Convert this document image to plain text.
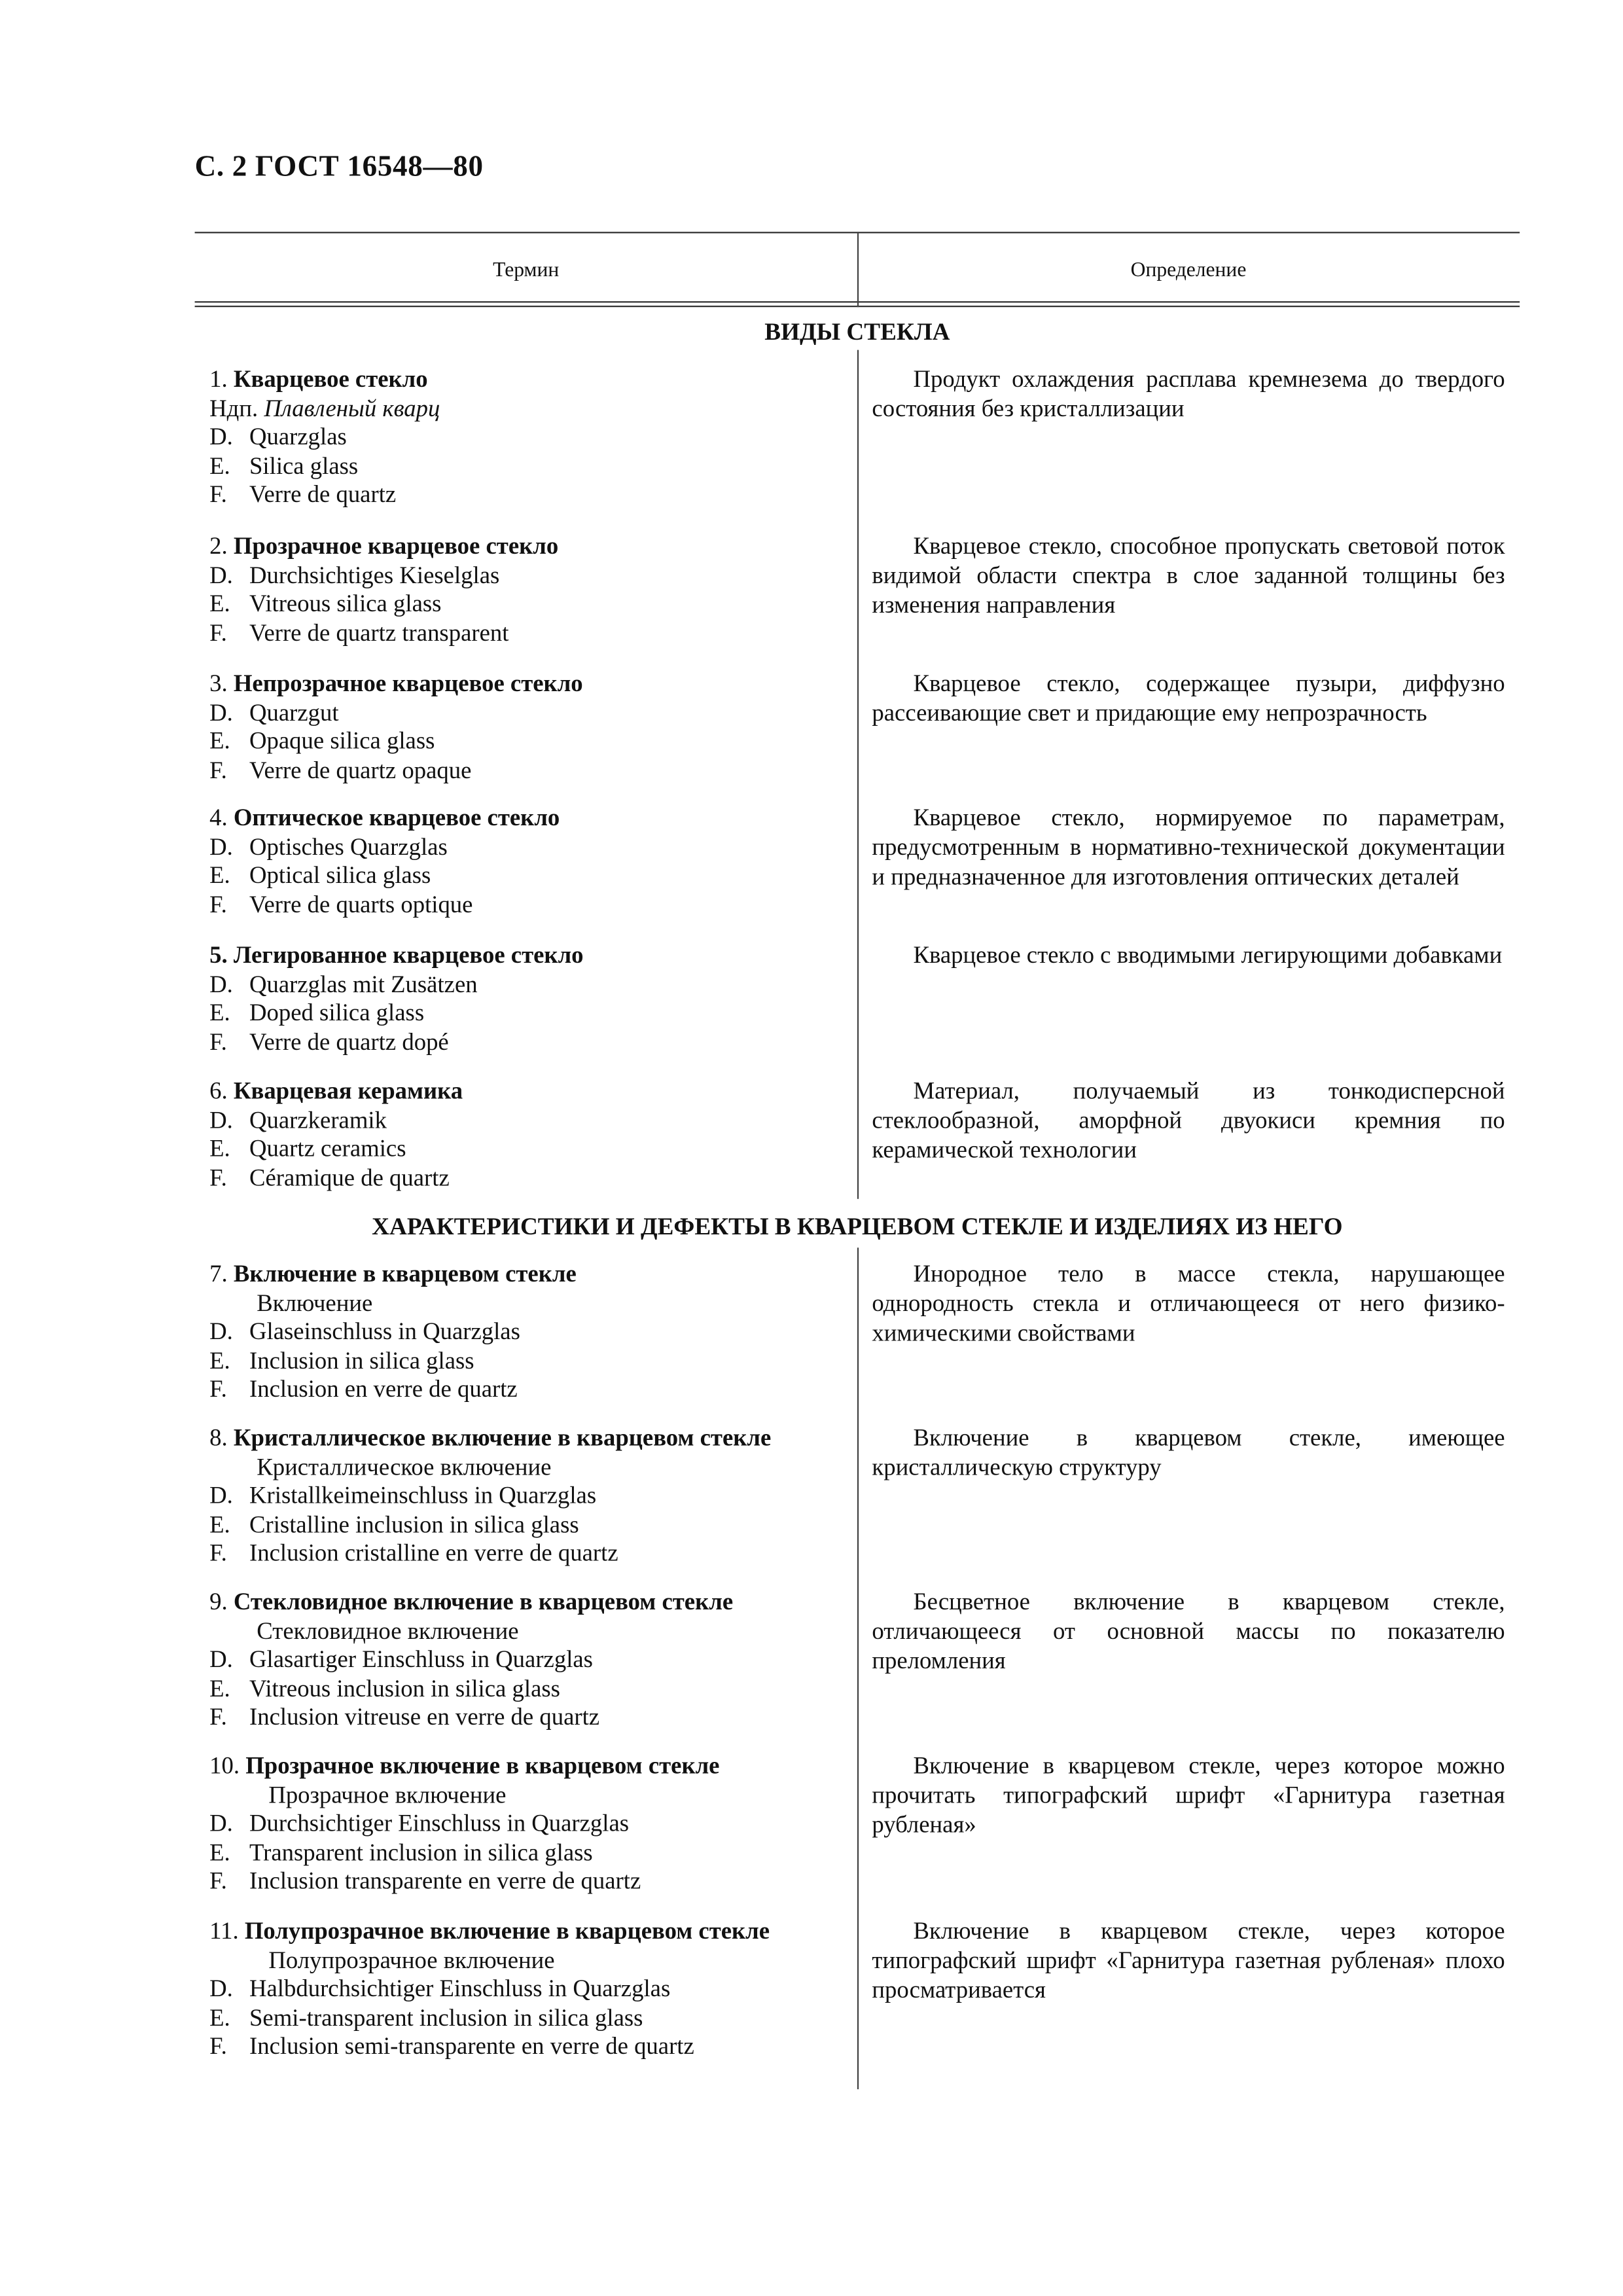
С. 2 ГОСТ 16548—80
Термин	Определение
ВИДЫ СТЕКЛА
1. Кварцевое стекло
Ндп. Плавленый кварц
D. Quarzglas
E. Silica glass
F. Verre de quartz
Продукт охлаждения расплава кремнезема до твердого состояния без кристаллизации
2. Прозрачное кварцевое стекло
D. Durchsichtiges Kieselglas
E. Vitreous silica glass
F. Verre de quartz transparent
Кварцевое стекло, способное пропускать световой поток видимой области спектра в слое заданной толщины без изменения направления
3. Непрозрачное кварцевое стекло
D. Quarzgut
E. Opaque silica glass
F. Verre de quartz opaque
Кварцевое стекло, содержащее пузыри, диффузно рассеивающие свет и придающие ему непрозрачность
4. Оптическое кварцевое стекло
D. Optisches Quarzglas
E. Optical silica glass
F. Verre de quarts optique
Кварцевое стекло, нормируемое по параметрам, предусмотренным в нормативно-технической документации и предназначенное для изготовления оптических деталей
5. Легированное кварцевое стекло
D. Quarzglas mit Zusätzen
E. Doped silica glass
F. Verre de quartz dopé
Кварцевое стекло с вводимыми легирующими добавками
6. Кварцевая керамика
D. Quarzkeramik
E. Quartz ceramics
F. Céramique de quartz
Материал, получаемый из тонкодисперсной стеклообразной, аморфной двуокиси кремния по керамической технологии
ХАРАКТЕРИСТИКИ И ДЕФЕКТЫ В КВАРЦЕВОМ СТЕКЛЕ И ИЗДЕЛИЯХ ИЗ НЕГО
7. Включение в кварцевом стекле
Включение
D. Glaseinschluss in Quarzglas
E. Inclusion in silica glass
F. Inclusion en verre de quartz
Инородное тело в массе стекла, нарушающее однородность стекла и отличающееся от него физико-химическими свойствами
8. Кристаллическое включение в кварцевом стекле
Кристаллическое включение
D. Kristallkeimeinschluss in Quarzglas
E. Cristalline inclusion in silica glass
F. Inclusion cristalline en verre de quartz
Включение в кварцевом стекле, имеющее кристаллическую структуру
9. Стекловидное включение в кварцевом стекле
Стекловидное включение
D. Glasartiger Einschluss in Quarzglas
E. Vitreous inclusion in silica glass
F. Inclusion vitreuse en verre de quartz
Бесцветное включение в кварцевом стекле, отличающееся от основной массы по показателю преломления
10. Прозрачное включение в кварцевом стекле
Прозрачное включение
D. Durchsichtiger Einschluss in Quarzglas
E. Transparent inclusion in silica glass
F. Inclusion transparente en verre de quartz
Включение в кварцевом стекле, через которое можно прочитать типографский шрифт «Гарнитура газетная рубленая»
11. Полупрозрачное включение в кварцевом стекле
Полупрозрачное включение
D. Halbdurchsichtiger Einschluss in Quarzglas
E. Semi-transparent inclusion in silica glass
F. Inclusion semi-transparente en verre de quartz
Включение в кварцевом стекле, через которое типографский шрифт «Гарнитура газетная рубленая» плохо просматривается
